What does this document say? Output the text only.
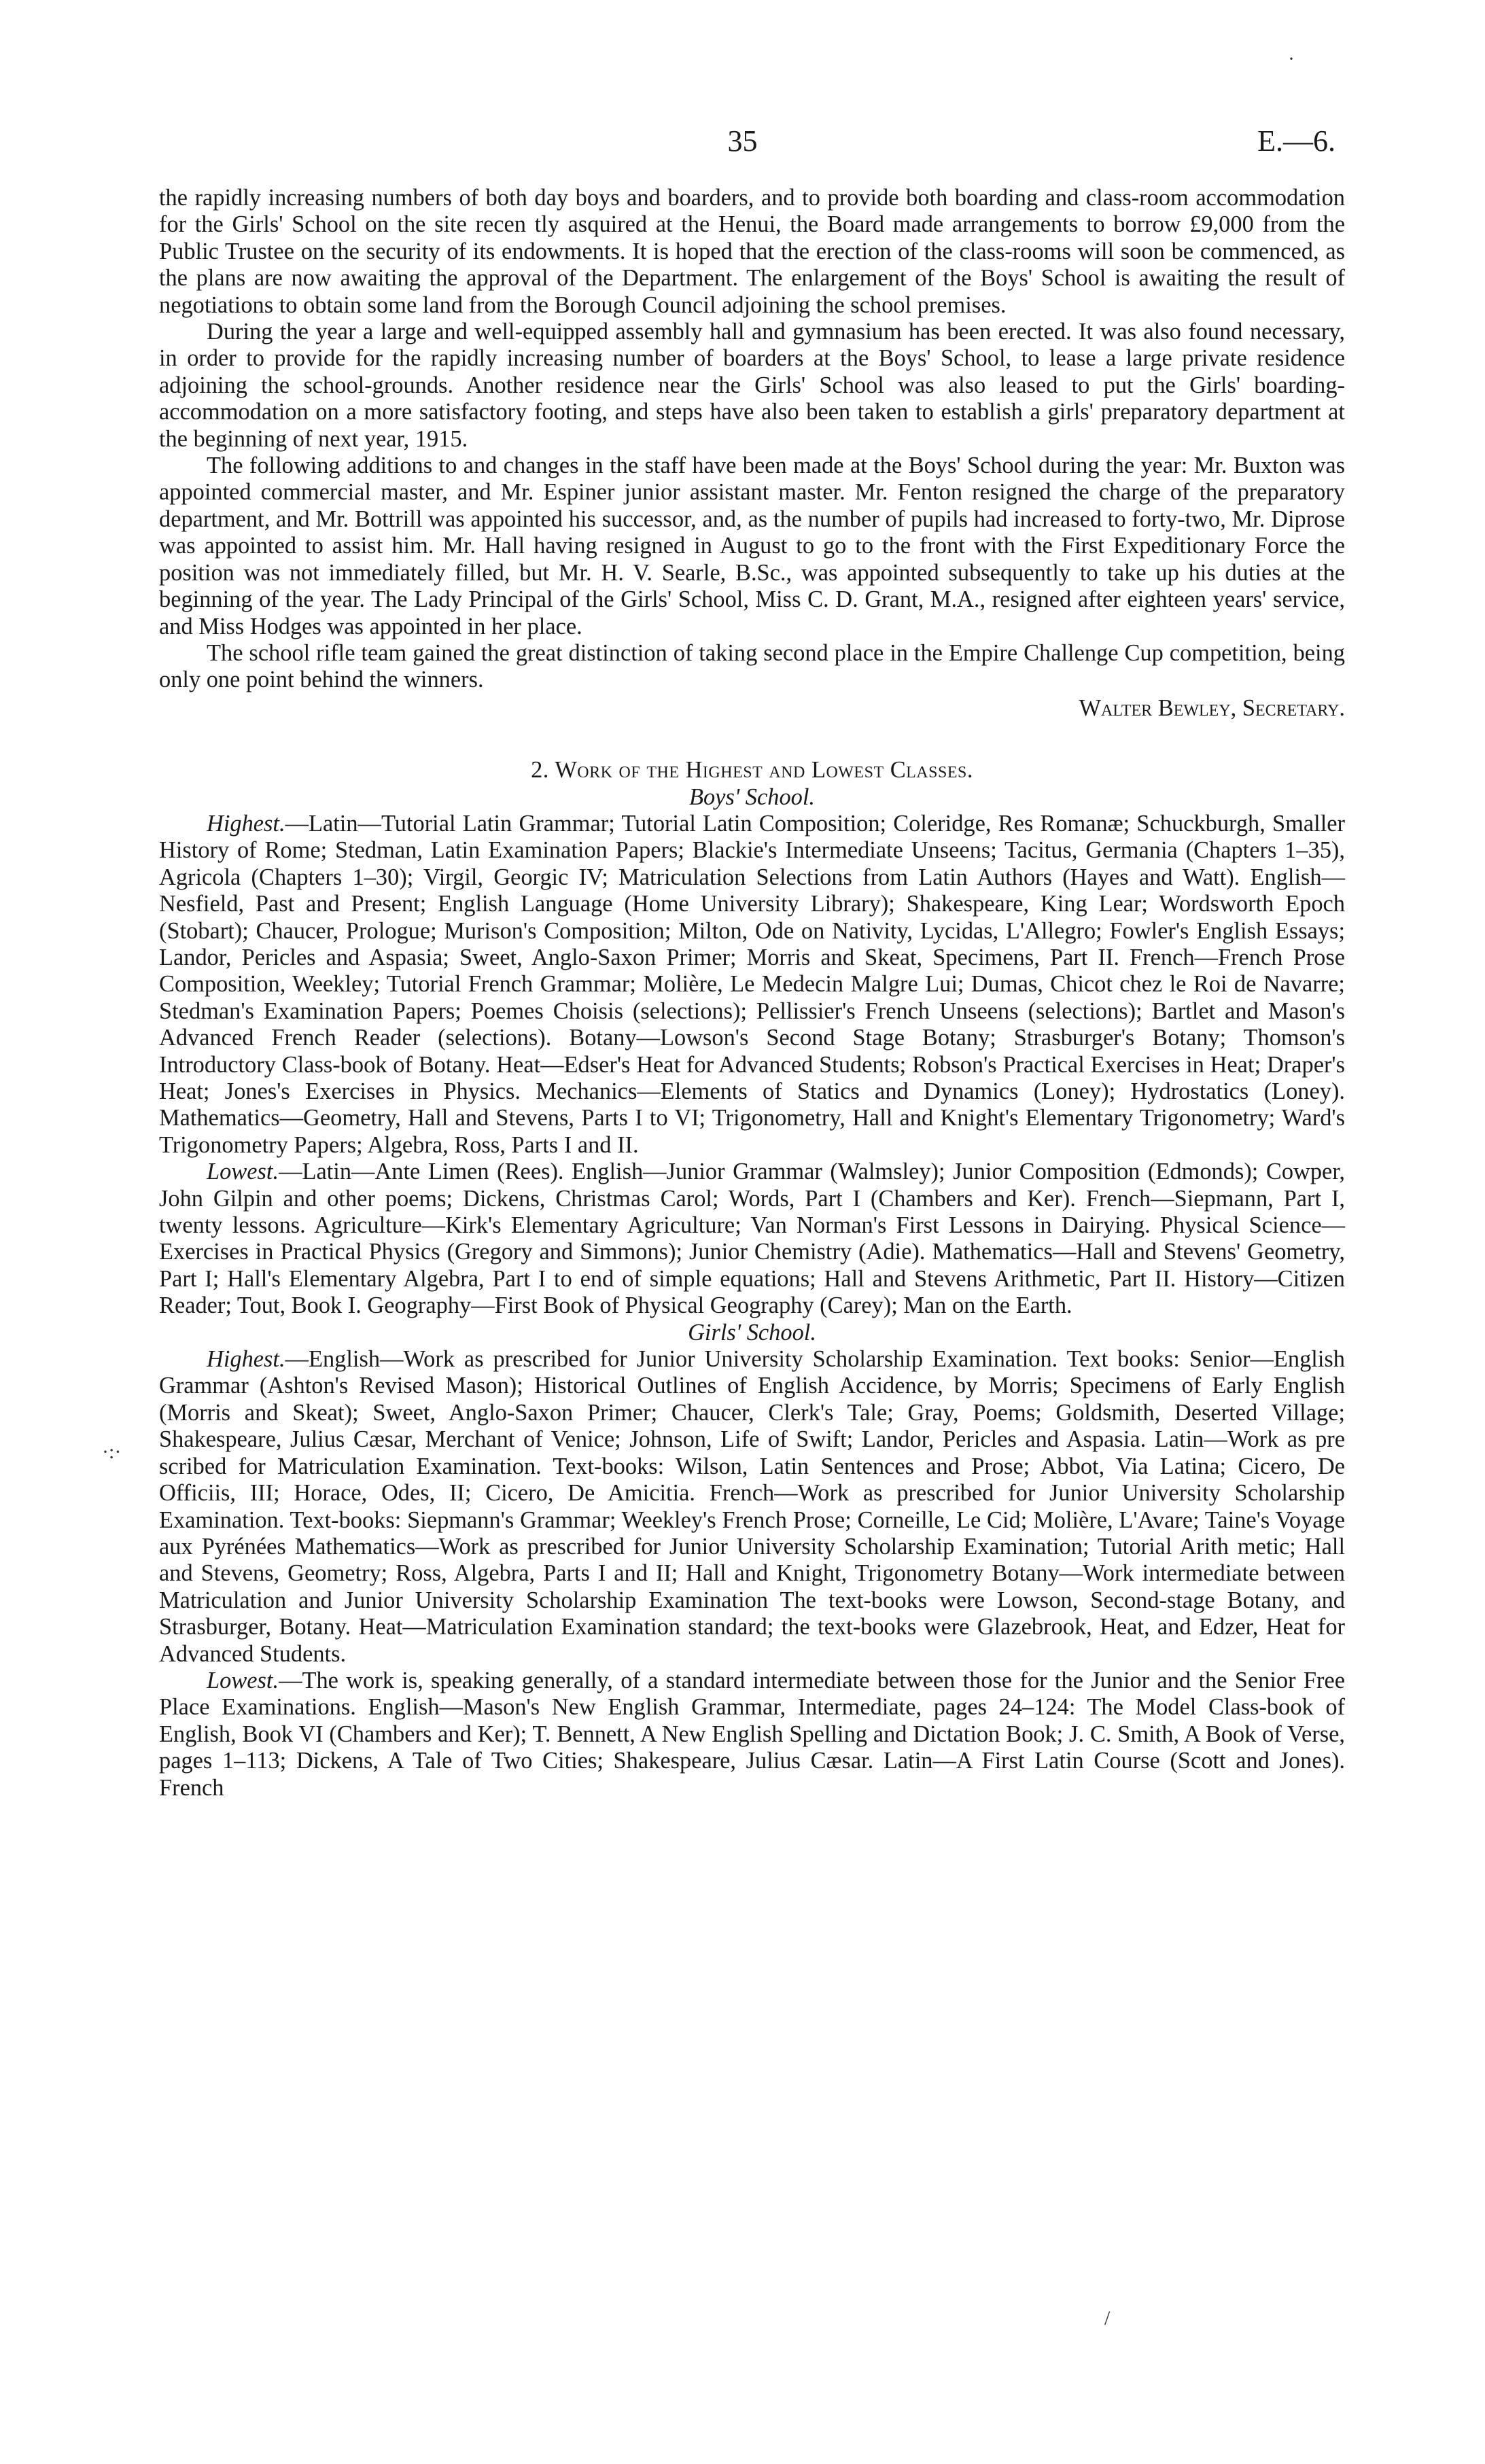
35	E.—6.

the rapidly increasing numbers of both day boys and boarders, and to provide both boarding and class-room accommodation for the Girls' School on the site recen tly asquired at the Henui, the Board made arrangements to borrow £9,000 from the Public Trustee on the security of its endowments. It is hoped that the erection of the class-rooms will soon be commenced, as the plans are now awaiting the approval of the Department. The enlargement of the Boys' School is awaiting the result of negotiations to obtain some land from the Borough Council adjoining the school premises.

During the year a large and well-equipped assembly hall and gymnasium has been erected. It was also found necessary, in order to provide for the rapidly increasing number of boarders at the Boys' School, to lease a large private residence adjoining the school-grounds. Another residence near the Girls' School was also leased to put the Girls' boarding-accommodation on a more satisfactory footing, and steps have also been taken to establish a girls' preparatory department at the beginning of next year, 1915.

The following additions to and changes in the staff have been made at the Boys' School during the year: Mr. Buxton was appointed commercial master, and Mr. Espiner junior assistant master. Mr. Fenton resigned the charge of the preparatory department, and Mr. Bottrill was appointed his successor, and, as the number of pupils had increased to forty-two, Mr. Diprose was appointed to assist him. Mr. Hall having resigned in August to go to the front with the First Expeditionary Force the position was not immediately filled, but Mr. H. V. Searle, B.Sc., was appointed subsequently to take up his duties at the beginning of the year. The Lady Principal of the Girls' School, Miss C. D. Grant, M.A., resigned after eighteen years' service, and Miss Hodges was appointed in her place.

The school rifle team gained the great distinction of taking second place in the Empire Challenge Cup competition, being only one point behind the winners.

Walter Bewley, Secretary.

2. Work of the Highest and Lowest Classes.

Boys' School.

Highest.—Latin—Tutorial Latin Grammar; Tutorial Latin Composition; Coleridge, Res Romanæ; Schuckburgh, Smaller History of Rome; Stedman, Latin Examination Papers; Blackie's Intermediate Unseens; Tacitus, Germania (Chapters 1–35), Agricola (Chapters 1–30); Virgil, Georgic IV; Matriculation Selections from Latin Authors (Hayes and Watt). English—Nesfield, Past and Present; English Language (Home University Library); Shakespeare, King Lear; Wordsworth Epoch (Stobart); Chaucer, Prologue; Murison's Composition; Milton, Ode on Nativity, Lycidas, L'Allegro; Fowler's English Essays; Landor, Pericles and Aspasia; Sweet, Anglo-Saxon Primer; Morris and Skeat, Specimens, Part II. French—French Prose Composition, Weekley; Tutorial French Grammar; Molière, Le Medecin Malgre Lui; Dumas, Chicot chez le Roi de Navarre; Stedman's Examination Papers; Poemes Choisis (selections); Pellissier's French Unseens (selections); Bartlet and Mason's Advanced French Reader (selections). Botany—Lowson's Second Stage Botany; Strasburger's Botany; Thomson's Introductory Class-book of Botany. Heat—Edser's Heat for Advanced Students; Robson's Practical Exercises in Heat; Draper's Heat; Jones's Exercises in Physics. Mechanics—Elements of Statics and Dynamics (Loney); Hydrostatics (Loney). Mathematics—Geometry, Hall and Stevens, Parts I to VI; Trigonometry, Hall and Knight's Elementary Trigonometry; Ward's Trigonometry Papers; Algebra, Ross, Parts I and II.

Lowest.—Latin—Ante Limen (Rees). English—Junior Grammar (Walmsley); Junior Composition (Edmonds); Cowper, John Gilpin and other poems; Dickens, Christmas Carol; Words, Part I (Chambers and Ker). French—Siepmann, Part I, twenty lessons. Agriculture—Kirk's Elementary Agriculture; Van Norman's First Lessons in Dairying. Physical Science—Exercises in Practical Physics (Gregory and Simmons); Junior Chemistry (Adie). Mathematics—Hall and Stevens' Geometry, Part I; Hall's Elementary Algebra, Part I to end of simple equations; Hall and Stevens Arithmetic, Part II. History—Citizen Reader; Tout, Book I. Geography—First Book of Physical Geography (Carey); Man on the Earth.

Girls' School.

Highest.—English—Work as prescribed for Junior University Scholarship Examination. Text books: Senior—English Grammar (Ashton's Revised Mason); Historical Outlines of English Accidence, by Morris; Specimens of Early English (Morris and Skeat); Sweet, Anglo-Saxon Primer; Chaucer, Clerk's Tale; Gray, Poems; Goldsmith, Deserted Village; Shakespeare, Julius Cæsar, Merchant of Venice; Johnson, Life of Swift; Landor, Pericles and Aspasia. Latin—Work as pre scribed for Matriculation Examination. Text-books: Wilson, Latin Sentences and Prose; Abbot, Via Latina; Cicero, De Officiis, III; Horace, Odes, II; Cicero, De Amicitia. French—Work as prescribed for Junior University Scholarship Examination. Text-books: Siepmann's Grammar; Weekley's French Prose; Corneille, Le Cid; Molière, L'Avare; Taine's Voyage aux Pyrénées Mathematics—Work as prescribed for Junior University Scholarship Examination; Tutorial Arith metic; Hall and Stevens, Geometry; Ross, Algebra, Parts I and II; Hall and Knight, Trigonometry Botany—Work intermediate between Matriculation and Junior University Scholarship Examination The text-books were Lowson, Second-stage Botany, and Strasburger, Botany. Heat—Matriculation Examination standard; the text-books were Glazebrook, Heat, and Edzer, Heat for Advanced Students.

Lowest.—The work is, speaking generally, of a standard intermediate between those for the Junior and the Senior Free Place Examinations. English—Mason's New English Grammar, Intermediate, pages 24–124: The Model Class-book of English, Book VI (Chambers and Ker); T. Bennett, A New English Spelling and Dictation Book; J. C. Smith, A Book of Verse, pages 1–113; Dickens, A Tale of Two Cities; Shakespeare, Julius Cæsar. Latin—A First Latin Course (Scott and Jones). French

·
·:·
/
